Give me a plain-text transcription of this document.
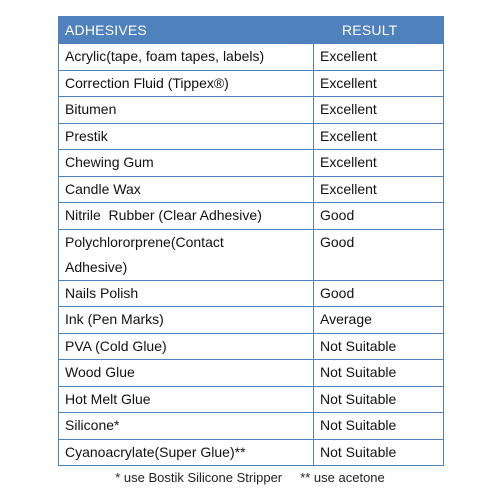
ADHESIVES	RESULT
Acrylic(tape, foam tapes, labels)	Excellent
Correction Fluid (Tippex®)	Excellent
Bitumen	Excellent
Prestik	Excellent
Chewing Gum	Excellent
Candle Wax	Excellent
Nitrile  Rubber (Clear Adhesive)	Good
Polychlororprene(Contact Adhesive)	Good
Nails Polish	Good
Ink (Pen Marks)	Average
PVA (Cold Glue)	Not Suitable
Wood Glue	Not Suitable
Hot Melt Glue	Not Suitable
Silicone*	Not Suitable
Cyanoacrylate(Super Glue)**	Not Suitable
* use Bostik Silicone Stripper ** use acetone
